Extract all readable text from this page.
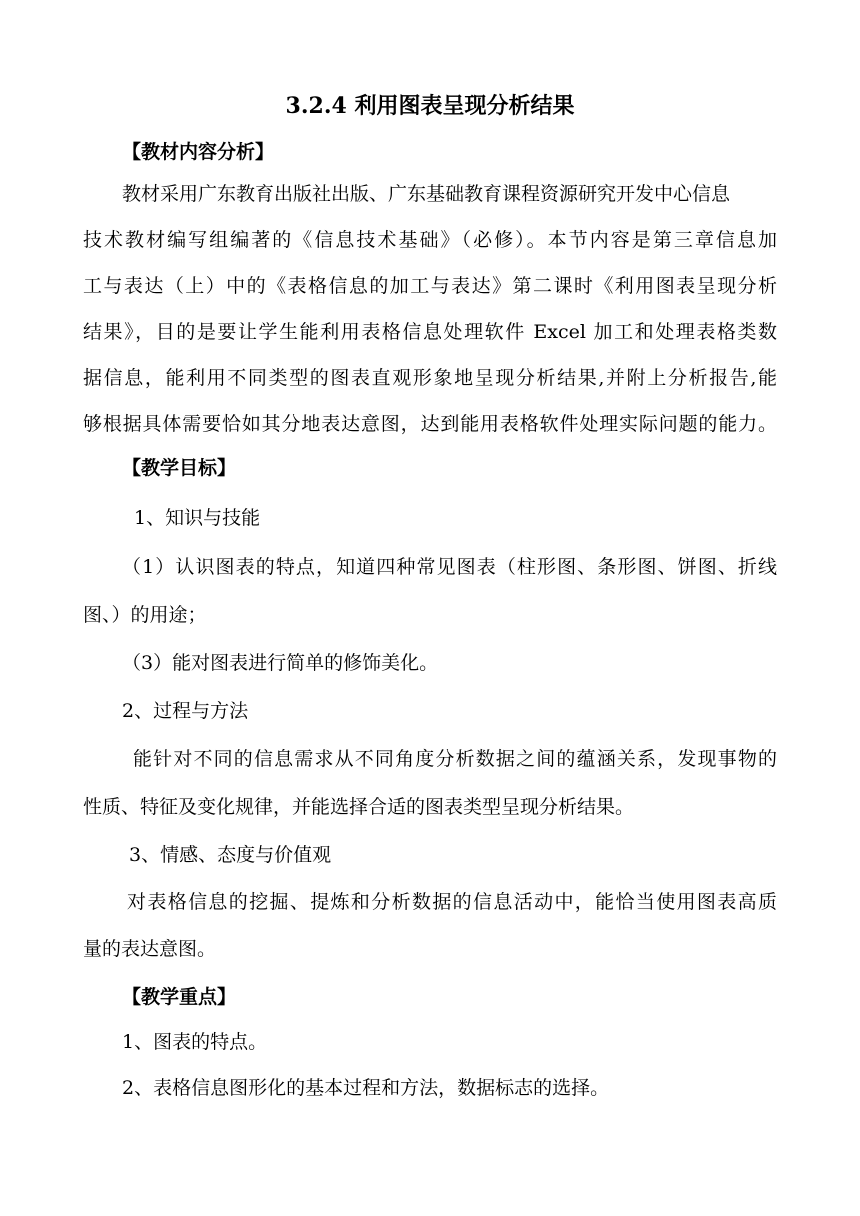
3.2.4 利用图表呈现分析结果

【教材内容分析】

教材采用广东教育出版社出版、广东基础教育课程资源研究开发中心信息

技术教材编写组编著的《信息技术基础》（必修）。本节内容是第三章信息加

工与表达（上）中的《表格信息的加工与表达》第二课时《利用图表呈现分析

结果》，目的是要让学生能利用表格信息处理软件 Excel 加工和处理表格类数

据信息，能利用不同类型的图表直观形象地呈现分析结果,并附上分析报告,能

够根据具体需要恰如其分地表达意图，达到能用表格软件处理实际问题的能力。

【教学目标】

1、知识与技能

（1）认识图表的特点，知道四种常见图表（柱形图、条形图、饼图、折线

图、）的用途；

（3）能对图表进行简单的修饰美化。

2、过程与方法

能针对不同的信息需求从不同角度分析数据之间的蕴涵关系，发现事物的

性质、特征及变化规律，并能选择合适的图表类型呈现分析结果。

3、情感、态度与价值观

对表格信息的挖掘、提炼和分析数据的信息活动中，能恰当使用图表高质

量的表达意图。

【教学重点】

1、图表的特点。

2、表格信息图形化的基本过程和方法，数据标志的选择。
